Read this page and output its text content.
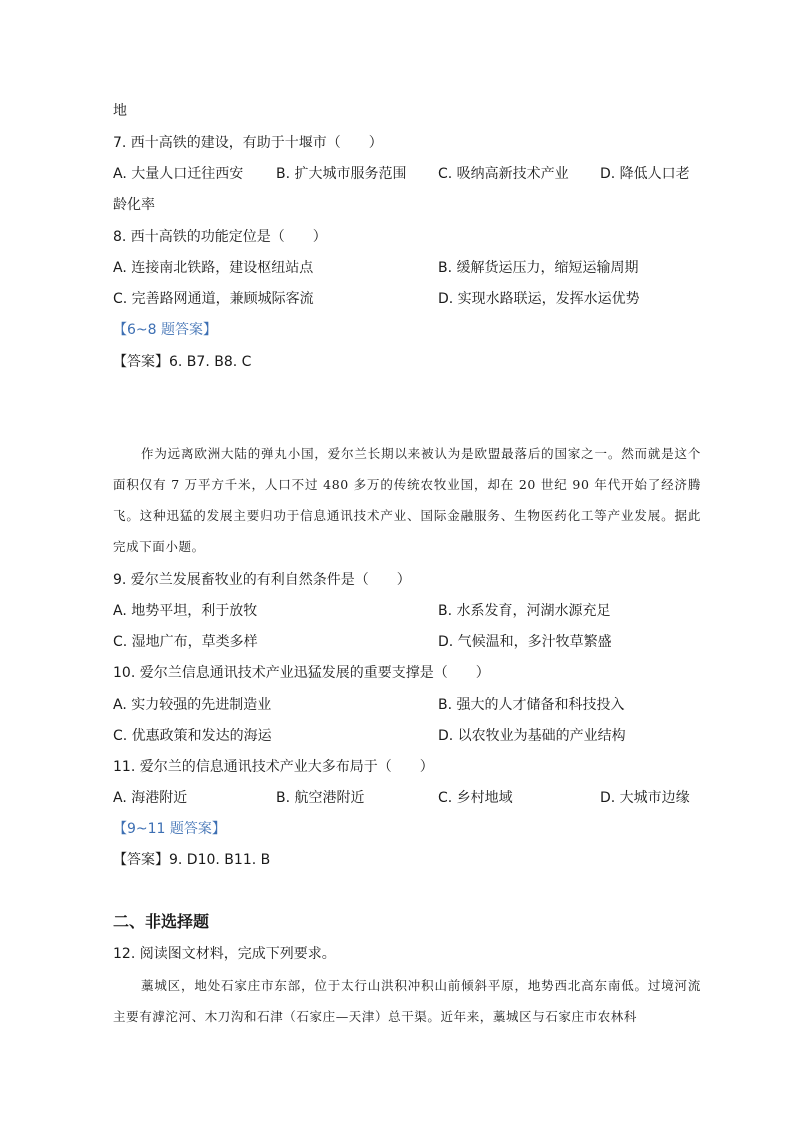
地
7. 西十高铁的建设，有助于十堰市（　　）
A. 大量人口迁往西安 B. 扩大城市服务范围 C. 吸纳高新技术产业 D. 降低人口老
龄化率
8. 西十高铁的功能定位是（　　）
A. 连接南北铁路，建设枢纽站点	B. 缓解货运压力，缩短运输周期
C. 完善路网通道，兼顾城际客流	D. 实现水路联运，发挥水运优势
【6~8 题答案】
【答案】6. B7. B8. C
作为远离欧洲大陆的弹丸小国，爱尔兰长期以来被认为是欧盟最落后的国家之一。然而就是这个面积仅有 7 万平方千米，人口不过 480 多万的传统农牧业国，却在 20 世纪 90 年代开始了经济腾飞。这种迅猛的发展主要归功于信息通讯技术产业、国际金融服务、生物医药化工等产业发展。据此完成下面小题。
9. 爱尔兰发展畜牧业的有利自然条件是（　　）
A. 地势平坦，利于放牧	B. 水系发育，河湖水源充足
C. 湿地广布，草类多样	D. 气候温和，多汁牧草繁盛
10. 爱尔兰信息通讯技术产业迅猛发展的重要支撑是（　　）
A. 实力较强的先进制造业	B. 强大的人才储备和科技投入
C. 优惠政策和发达的海运	D. 以农牧业为基础的产业结构
11. 爱尔兰的信息通讯技术产业大多布局于（　　）
A. 海港附近	B. 航空港附近	C. 乡村地域	D. 大城市边缘
【9~11 题答案】
【答案】9. D10. B11. B
二、非选择题
12. 阅读图文材料，完成下列要求。
藁城区，地处石家庄市东部，位于太行山洪积冲积山前倾斜平原，地势西北高东南低。过境河流主要有滹沱河、木刀沟和石津（石家庄—天津）总干渠。近年来，藁城区与石家庄市农林科
